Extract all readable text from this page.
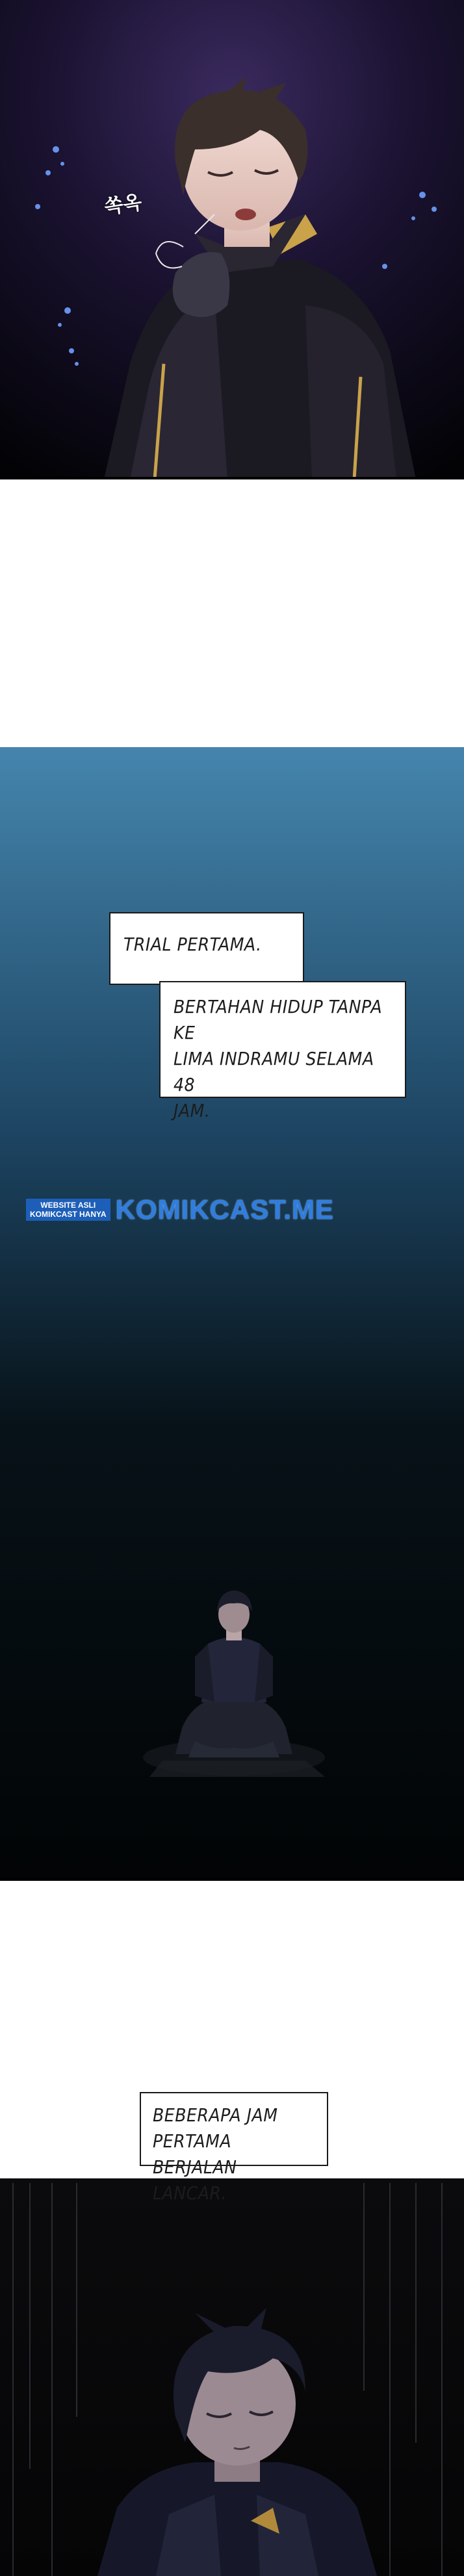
쏙옥
TRIAL PERTAMA.
BERTAHAN HIDUP TANPA KE
LIMA INDRAMU SELAMA 48
JAM.
WEBSITE ASLI
KOMIKCAST HANYA KOMIKCAST.ME
BEBERAPA JAM PERTAMA
BERJALAN LANCAR.
